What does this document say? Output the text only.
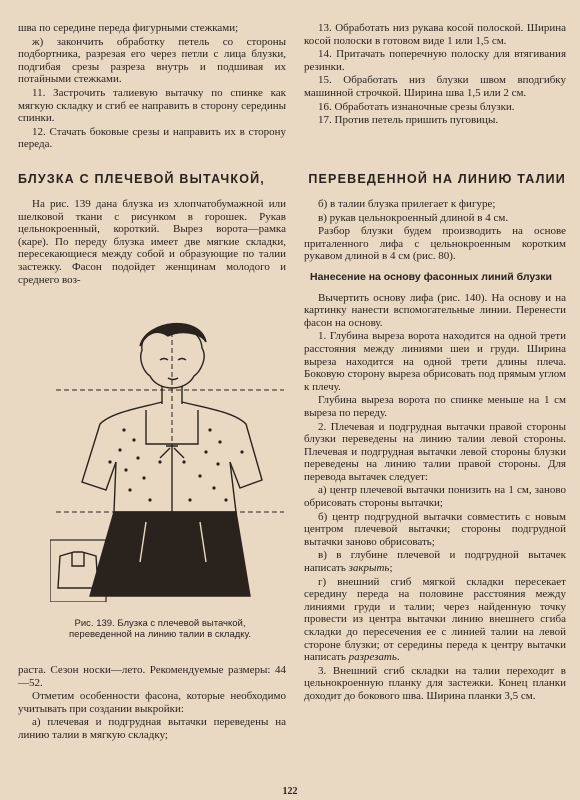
шва по середине переда фигурными стежками;

ж) закончить обработку петель со стороны подбортника, разрезая его через петли с лица блузки, подгибая срезы разреза внутрь и подшивая их потайными стежками.

11. Застрочить талиевую вытачку по спинке как мягкую складку и сгиб ее направить в сторону середины спинки.

12. Стачать боковые срезы и направить их в сторону переда.

13. Обработать низ рукава косой полоской. Ширина косой полоски в готовом виде 1 или 1,5 см.

14. Притачать поперечную полоску для втягивания резинки.

15. Обработать низ блузки швом вподгибку машинной строчкой. Ширина шва 1,5 или 2 см.

16. Обработать изнаночные срезы блузки.

17. Против петель пришить пуговицы.

БЛУЗКА С ПЛЕЧЕВОЙ ВЫТАЧКОЙ,	ПЕРЕВЕДЕННОЙ НА ЛИНИЮ ТАЛИИ

На рис. 139 дана блузка из хлопчатобумажной или шелковой ткани с рисунком в горошек. Рукав цельнокроенный, короткий. Вырез ворота—рамка (каре). По переду блузка имеет две мягкие складки, пересекающиеся между собой и образующие по талии застежку. Фасон подойдет женщинам молодого и среднего воз-

Рис. 139. Блузка с плечевой вытачкой, переведенной на линию талии в складку.

раста. Сезон носки—лето. Рекомендуемые размеры: 44—52.

Отметим особенности фасона, которые необходимо учитывать при создании выкройки:

а) плечевая и подгрудная вытачки переведены на линию талии в мягкую складку;

б) в талии блузка прилегает к фигуре;

в) рукав цельнокроенный длиной в 4 см.

Разбор блузки будем производить на основе приталенного лифа с цельнокроенным коротким рукавом длиной в 4 см (рис. 80).

Нанесение на основу фасонных линий блузки

Вычертить основу лифа (рис. 140). На основу и на картинку нанести вспомогательные линии. Перенести фасон на основу.

1. Глубина выреза ворота находится на одной трети расстояния между линиями шеи и груди. Ширина выреза находится на одной трети длины плеча. Боковую сторону выреза обрисовать под прямым углом к плечу.

Глубина выреза ворота по спинке меньше на 1 см выреза по переду.

2. Плечевая и подгрудная вытачки правой стороны блузки переведены на линию талии левой стороны. Плечевая и подгрудная вытачки левой стороны блузки переведены на линию талии правой стороны. Для перевода вытачек следует:

а) центр плечевой вытачки понизить на 1 см, заново обрисовать стороны вытачки;

б) центр подгрудной вытачки совместить с новым центром плечевой вытачки; стороны подгрудной вытачки заново обрисовать;

в) в глубине плечевой и подгрудной вытачек написать закрыть;

г) внешний сгиб мягкой складки пересекает середину переда на половине расстояния между линиями груди и талии; через найденную точку провести из центра вытачки линию внешнего сгиба складки до пересечения ее с линией талии на левой стороне блузки; от середины переда к центру вытачки написать разрезать.

3. Внешний сгиб складки на талии переходит в цельнокроенную планку для застежки. Конец планки доходит до бокового шва. Ширина планки 3,5 см.

122
